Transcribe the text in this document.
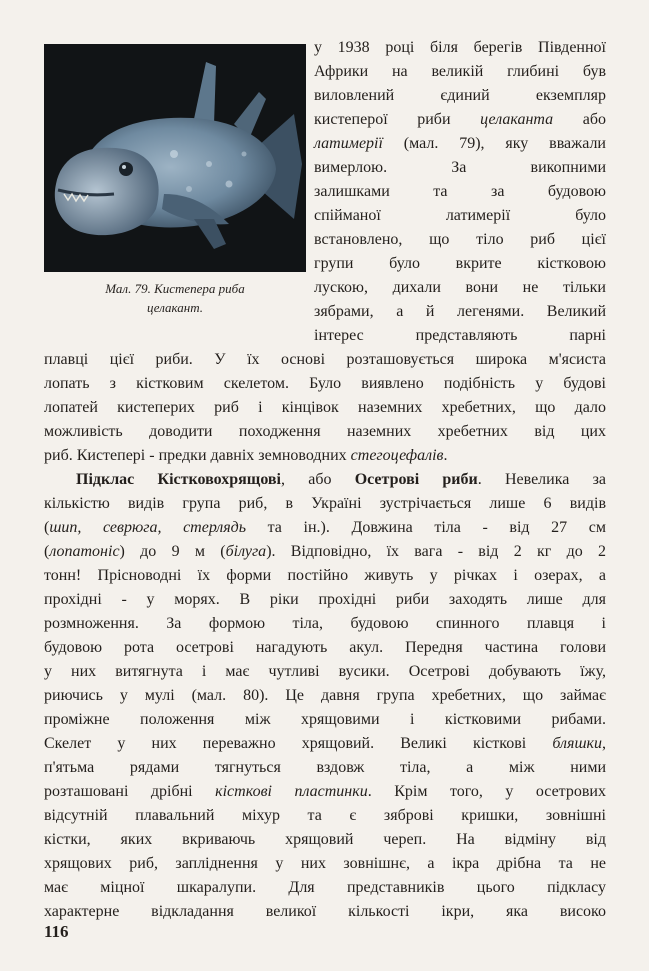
Мал. 79. Кистепера риба
целакант.
у 1938 році біля берегів Південної
Африки на великій глибині був
виловлений єдиний екземпляр
кистеперої риби целаканта або
латимерії (мал. 79), яку вважали
вимерлою. За викопними
залишками та за будовою
спійманої латимерії було
встановлено, що тіло риб цієї
групи було вкрите кістковою
лускою, дихали вони не тільки
зябрами, а й легенями. Великий
інтерес представляють парні
плавці цієї риби. У їх основі розташовується широка м'ясиста
лопать з кістковим скелетом. Було виявлено подібність у будові
лопатей кистеперих риб і кінцівок наземних хребетних, що дало
можливість доводити походження наземних хребетних від цих
риб. Кистепері - предки давніх земноводних стегоцефалів.
Підклас Кістковохрящові, або Осетрові риби. Невелика за
кількістю видів група риб, в Україні зустрічається лише 6 видів
(шип, севрюга, стерлядь та ін.). Довжина тіла - від 27 см
(лопатоніс) до 9 м (білуга). Відповідно, їх вага - від 2 кг до 2
тонн! Прісноводні їх форми постійно живуть у річках і озерах, а
прохідні - у морях. В ріки прохідні риби заходять лише для
розмноження. За формою тіла, будовою спинного плавця і
будовою рота осетрові нагадують акул. Передня частина голови
у них витягнута і має чутливі вусики. Осетрові добувають їжу,
риючись у мулі (мал. 80). Це давня група хребетних, що займає
проміжне положення між хрящовими і кістковими рибами.
Скелет у них переважно хрящовий. Великі кісткові бляшки,
п'ятьма рядами тягнуться вздовж тіла, а між ними
розташовані дрібні кісткові пластинки. Крім того, у осетрових
відсутній плавальний міхур та є зяброві кришки, зовнішні
кістки, яких вкриваючь хрящовий череп. На відміну від
хрящових риб, запліднення у них зовнішнє, а ікра дрібна та не
має міцної шкаралупи. Для представників цього підкласу
характерне відкладання великої кількості ікри, яка високо
116
